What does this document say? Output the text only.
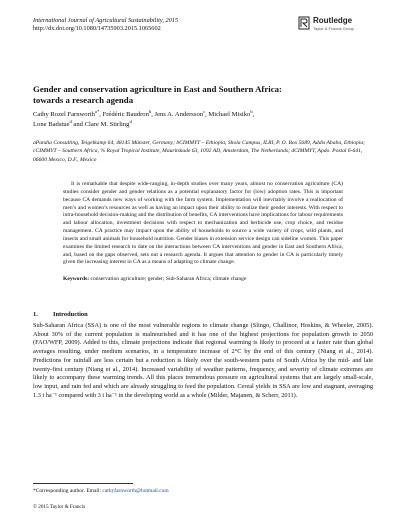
International Journal of Agricultural Sustainability, 2015
http://dx.doi.org/10.1080/14735903.2015.1065602
Routledge
Taylor & Francis Group
Gender and conservation agriculture in East and Southern Africa:
towards a research agenda
Cathy Rozel Farnworth$^{a*}$, Frédéric Baudron$^b$, Jens A. Andersson$^c$, Michael Misiko$^b$,
Lone Badstue$^d$ and Clare M. Stirling$^d$
aPandia Consulting, Teigelkamp 64, 48145 Münster, Germany; bCIMMYT – Ethiopia, Shola Campus, ILRI, P. O. Box 5689, Addis Ababa, Ethiopia; cCIMMYT – Southern Africa, % Royal Tropical Institute, Mauritskade 63, 1092 AD, Amsterdam, The Netherlands; dCIMMYT, Apdo. Postal 6-641, 06600 Mexico, D.F., Mexico
It is remarkable that despite wide-ranging, in-depth studies over many years, almost no conservation agriculture (CA) studies consider gender and gender relations as a potential explanatory factor for (low) adoption rates. This is important because CA demands new ways of working with the farm system. Implementation will inevitably involve a reallocation of men’s and women’s resources as well as having an impact upon their ability to realize their gender interests. With respect to intra-household decision-making and the distribution of benefits, CA interventions have implications for labour requirements and labour allocation, investment decisions with respect to mechanization and herbicide use, crop choice, and residue management. CA practice may impact upon the ability of households to source a wide variety of crops, wild plants, and insects and small animals for household nutrition. Gender biases in extension service design can sideline women. This paper examines the limited research to date on the interactions between CA interventions and gender in East and Southern Africa, and, based on the gaps observed, sets out a research agenda. It argues that attention to gender in CA is particularly timely given the increasing interest in CA as a means of adapting to climate change.
Keywords: conservation agriculture; gender; Sub-Saharan Africa; climate change
1. Introduction
Sub-Saharan Africa (SSA) is one of the most vulnerable regions to climate change (Slingo, Challinor, Hoskins, & Wheeler, 2005). About 30% of the current population is malnourished and it has one of the highest projections for population growth to 2050 (FAO/WFP, 2009). Added to this, climate projections indicate that regional warming is likely to proceed at a faster rate than global averages resulting, under medium scenarios, in a temperature increase of 2°C by the end of this century (Niang et al., 2014). Predictions for rainfall are less certain but a reduction is likely over the south-western parts of South Africa by the mid- and late twenty-first century (Niang et al., 2014). Increased variability of weather patterns, frequency, and severity of climate extremes are likely to accompany these warming trends. All this places tremendous pressure on agricultural systems that are largely small-scale, low input, and rain fed and which are already struggling to feed the population. Cereal yields in SSA are low and stagnant, averaging 1.3 t ha⁻¹ compared with 3 t ha⁻¹ in the developing world as a whole (Milder, Majanen, & Scherr, 2011).
*Corresponding author. Email: cathyfarnworth@hotmail.com
© 2015 Taylor & Francis
